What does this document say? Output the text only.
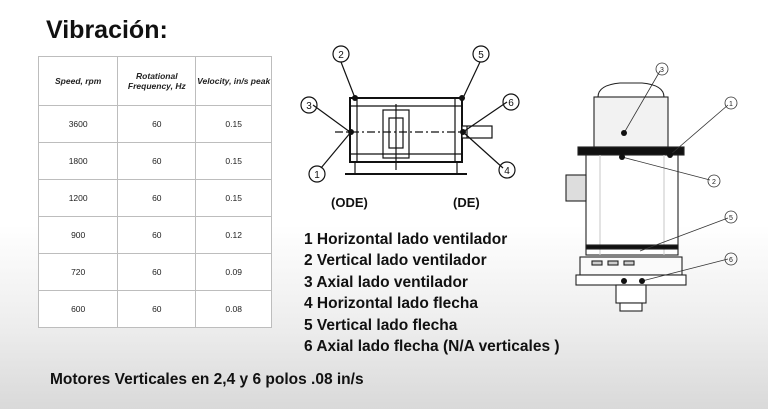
Vibración:
Speed, rpm	Rotational Frequency, Hz	Velocity, in/s peak
3600	60	0.15
1800	60	0.15
1200	60	0.15
900	60	0.12
720	60	0.09
600	60	0.08
2	5
3	6
1	4
(ODE)	(DE)
3
1
2
5
6
1 Horizontal lado ventilador
2 Vertical lado ventilador
3 Axial lado ventilador
4 Horizontal lado flecha
5 Vertical lado flecha
6 Axial lado flecha (N/A verticales )

Motores Verticales en 2,4 y 6 polos .08 in/s
